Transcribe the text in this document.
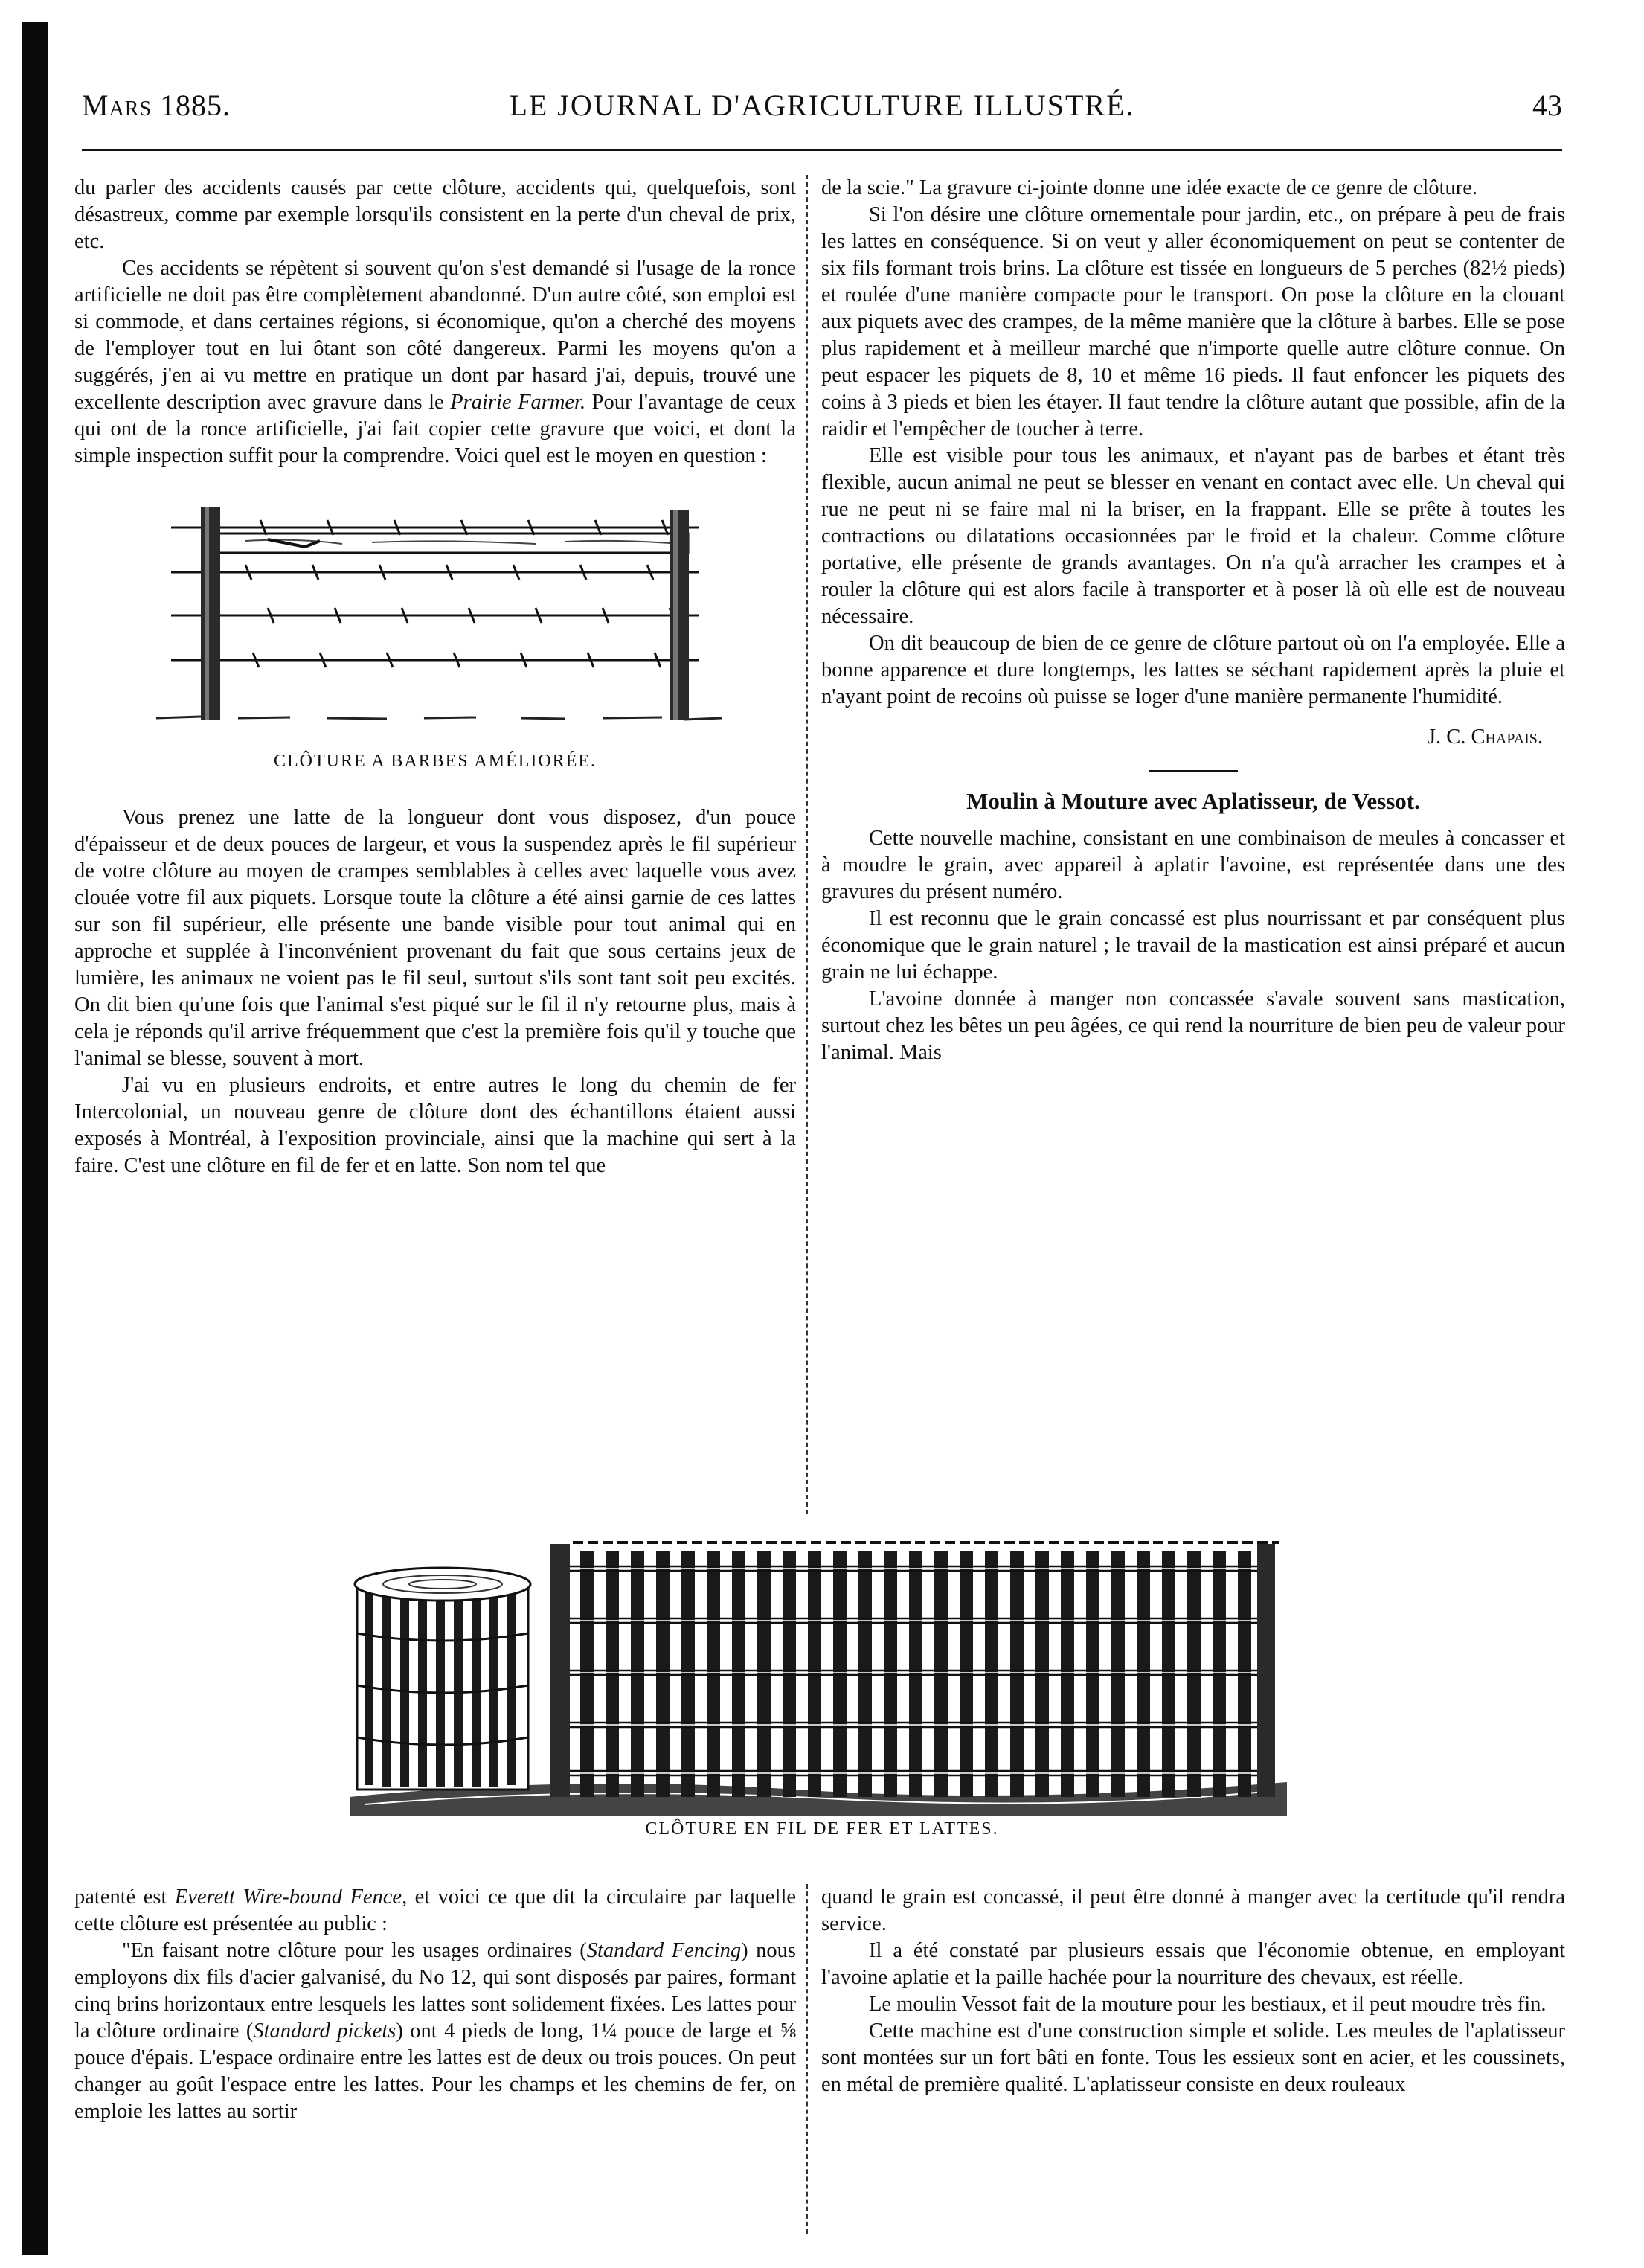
Mars 1885.	LE JOURNAL D'AGRICULTURE ILLUSTRÉ.	43

du parler des accidents causés par cette clôture, accidents qui, quelquefois, sont désastreux, comme par exemple lorsqu'ils consistent en la perte d'un cheval de prix, etc.

Ces accidents se répètent si souvent qu'on s'est demandé si l'usage de la ronce artificielle ne doit pas être complètement abandonné. D'un autre côté, son emploi est si commode, et dans certaines régions, si économique, qu'on a cherché des moyens de l'employer tout en lui ôtant son côté dangereux. Parmi les moyens qu'on a suggérés, j'en ai vu mettre en pratique un dont par hasard j'ai, depuis, trouvé une excellente description avec gravure dans le Prairie Farmer. Pour l'avantage de ceux qui ont de la ronce artificielle, j'ai fait copier cette gravure que voici, et dont la simple inspection suffit pour la comprendre. Voici quel est le moyen en question :

CLÔTURE A BARBES AMÉLIORÉE.

Vous prenez une latte de la longueur dont vous disposez, d'un pouce d'épaisseur et de deux pouces de largeur, et vous la suspendez après le fil supérieur de votre clôture au moyen de crampes semblables à celles avec laquelle vous avez clouée votre fil aux piquets. Lorsque toute la clôture a été ainsi garnie de ces lattes sur son fil supérieur, elle présente une bande visible pour tout animal qui en approche et supplée à l'inconvénient provenant du fait que sous certains jeux de lumière, les animaux ne voient pas le fil seul, surtout s'ils sont tant soit peu excités. On dit bien qu'une fois que l'animal s'est piqué sur le fil il n'y retourne plus, mais à cela je réponds qu'il arrive fréquemment que c'est la première fois qu'il y touche que l'animal se blesse, souvent à mort.

J'ai vu en plusieurs endroits, et entre autres le long du chemin de fer Intercolonial, un nouveau genre de clôture dont des échantillons étaient aussi exposés à Montréal, à l'exposition provinciale, ainsi que la machine qui sert à la faire. C'est une clôture en fil de fer et en latte. Son nom tel que

de la scie." La gravure ci-jointe donne une idée exacte de ce genre de clôture.

Si l'on désire une clôture ornementale pour jardin, etc., on prépare à peu de frais les lattes en conséquence. Si on veut y aller économiquement on peut se contenter de six fils formant trois brins. La clôture est tissée en longueurs de 5 perches (82½ pieds) et roulée d'une manière compacte pour le transport. On pose la clôture en la clouant aux piquets avec des crampes, de la même manière que la clôture à barbes. Elle se pose plus rapidement et à meilleur marché que n'importe quelle autre clôture connue. On peut espacer les piquets de 8, 10 et même 16 pieds. Il faut enfoncer les piquets des coins à 3 pieds et bien les étayer. Il faut tendre la clôture autant que possible, afin de la raidir et l'empêcher de toucher à terre.

Elle est visible pour tous les animaux, et n'ayant pas de barbes et étant très flexible, aucun animal ne peut se blesser en venant en contact avec elle. Un cheval qui rue ne peut ni se faire mal ni la briser, en la frappant. Elle se prête à toutes les contractions ou dilatations occasionnées par le froid et la chaleur. Comme clôture portative, elle présente de grands avantages. On n'a qu'à arracher les crampes et à rouler la clôture qui est alors facile à transporter et à poser là où elle est de nouveau nécessaire.

On dit beaucoup de bien de ce genre de clôture partout où on l'a employée. Elle a bonne apparence et dure longtemps, les lattes se séchant rapidement après la pluie et n'ayant point de recoins où puisse se loger d'une manière permanente l'humidité.

J. C. Chapais.

Moulin à Mouture avec Aplatisseur, de Vessot.

Cette nouvelle machine, consistant en une combinaison de meules à concasser et à moudre le grain, avec appareil à aplatir l'avoine, est représentée dans une des gravures du présent numéro.

Il est reconnu que le grain concassé est plus nourrissant et par conséquent plus économique que le grain naturel ; le travail de la mastication est ainsi préparé et aucun grain ne lui échappe.

L'avoine donnée à manger non concassée s'avale souvent sans mastication, surtout chez les bêtes un peu âgées, ce qui rend la nourriture de bien peu de valeur pour l'animal. Mais

CLÔTURE EN FIL DE FER ET LATTES.

patenté est Everett Wire-bound Fence, et voici ce que dit la circulaire par laquelle cette clôture est présentée au public :

"En faisant notre clôture pour les usages ordinaires (Standard Fencing) nous employons dix fils d'acier galvanisé, du No 12, qui sont disposés par paires, formant cinq brins horizontaux entre lesquels les lattes sont solidement fixées. Les lattes pour la clôture ordinaire (Standard pickets) ont 4 pieds de long, 1¼ pouce de large et ⅝ pouce d'épais. L'espace ordinaire entre les lattes est de deux ou trois pouces. On peut changer au goût l'espace entre les lattes. Pour les champs et les chemins de fer, on emploie les lattes au sortir

quand le grain est concassé, il peut être donné à manger avec la certitude qu'il rendra service.

Il a été constaté par plusieurs essais que l'économie obtenue, en employant l'avoine aplatie et la paille hachée pour la nourriture des chevaux, est réelle.

Le moulin Vessot fait de la mouture pour les bestiaux, et il peut moudre très fin.

Cette machine est d'une construction simple et solide. Les meules de l'aplatisseur sont montées sur un fort bâti en fonte. Tous les essieux sont en acier, et les coussinets, en métal de première qualité. L'aplatisseur consiste en deux rouleaux
